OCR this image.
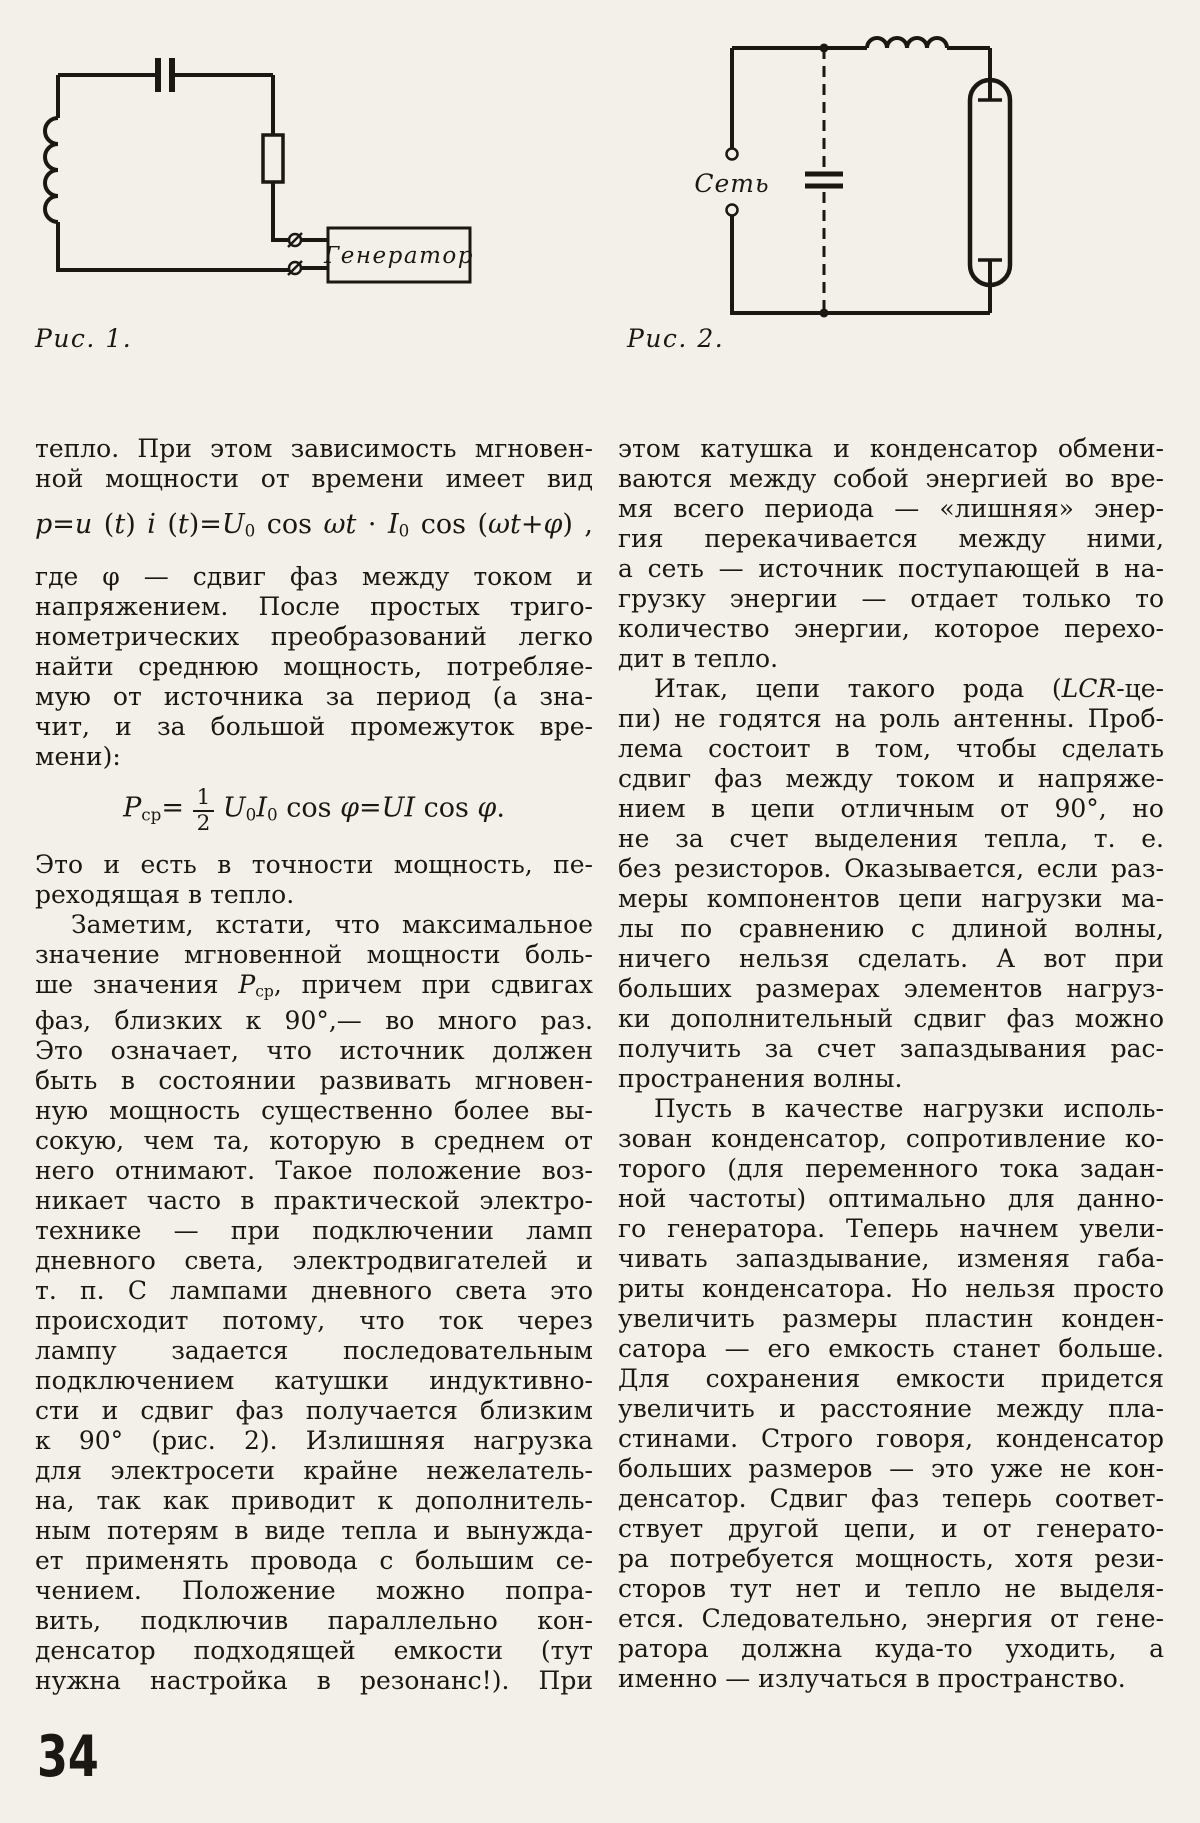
Генератор
Сеть
Рис. 1.	Рис. 2.
тепло. При этом зависимость мгновен-
ной мощности от времени имеет вид
p=u (t) i (t)=U0 cos ωt · I0 cos (ωt+φ) ,
где φ — сдвиг фаз между током и
напряжением. После простых триго-
нометрических преобразований легко
найти среднюю мощность, потребляе-
мую от источника за период (а зна-
чит, и за большой промежуток вре-
мени):
$Pср= \frac{1}{2} U0I0$ cos φ=UI cos φ.
Это и есть в точности мощность, пе-
реходящая в тепло.
Заметим, кстати, что максимальное
значение мгновенной мощности боль-
ше значения Pср, причем при сдвигах
фаз, близких к 90°,— во много раз.
Это означает, что источник должен
быть в состоянии развивать мгновен-
ную мощность существенно более вы-
сокую, чем та, которую в среднем от
него отнимают. Такое положение воз-
никает часто в практической электро-
технике — при подключении ламп
дневного света, электродвигателей и
т. п. С лампами дневного света это
происходит потому, что ток через
лампу задается последовательным
подключением катушки индуктивно-
сти и сдвиг фаз получается близким
к 90° (рис. 2). Излишняя нагрузка
для электросети крайне нежелатель-
на, так как приводит к дополнитель-
ным потерям в виде тепла и вынужда-
ет применять провода с большим се-
чением. Положение можно попра-
вить, подключив параллельно кон-
денсатор подходящей емкости (тут
нужна настройка в резонанс!). При
этом катушка и конденсатор обмени-
ваются между собой энергией во вре-
мя всего периода — «лишняя» энер-
гия перекачивается между ними,
а сеть — источник поступающей в на-
грузку энергии — отдает только то
количество энергии, которое перехо-
дит в тепло.
Итак, цепи такого рода (LCR-це-
пи) не годятся на роль антенны. Проб-
лема состоит в том, чтобы сделать
сдвиг фаз между током и напряже-
нием в цепи отличным от 90°, но
не за счет выделения тепла, т. е.
без резисторов. Оказывается, если раз-
меры компонентов цепи нагрузки ма-
лы по сравнению с длиной волны,
ничего нельзя сделать. А вот при
больших размерах элементов нагруз-
ки дополнительный сдвиг фаз можно
получить за счет запаздывания рас-
пространения волны.
Пусть в качестве нагрузки исполь-
зован конденсатор, сопротивление ко-
торого (для переменного тока задан-
ной частоты) оптимально для данно-
го генератора. Теперь начнем увели-
чивать запаздывание, изменяя габа-
риты конденсатора. Но нельзя просто
увеличить размеры пластин конден-
сатора — его емкость станет больше.
Для сохранения емкости придется
увеличить и расстояние между пла-
стинами. Строго говоря, конденсатор
больших размеров — это уже не кон-
денсатор. Сдвиг фаз теперь соответ-
ствует другой цепи, и от генерато-
ра потребуется мощность, хотя рези-
сторов тут нет и тепло не выделя-
ется. Следовательно, энергия от гене-
ратора должна куда-то уходить, а
именно — излучаться в пространство.
34
